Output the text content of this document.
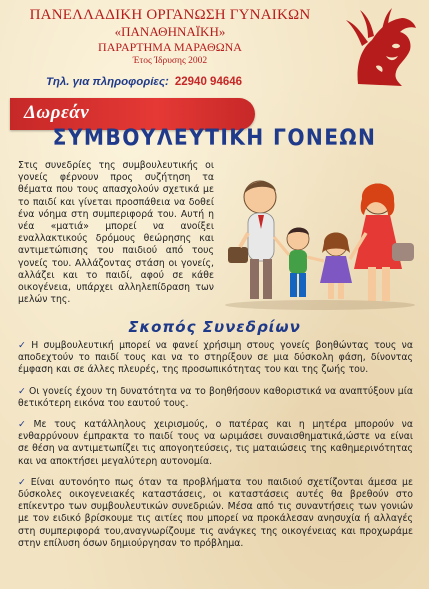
ΠΑΝΕΛΛΑΔΙΚΗ ΟΡΓΑΝΩΣΗ ΓΥΝΑΙΚΩΝ
«ΠΑΝΑΘΗΝΑΪΚΗ»
ΠΑΡΑΡΤΗΜΑ ΜΑΡΑΘΩΝΑ
Έτος Ίδρυσης 2002
Τηλ. για πληροφορίες: 22940 94646
Δωρεάν
ΣΥΜΒΟΥΛΕΥΤΙΚΗ ΓΟΝΕΩΝ
Στις συνεδρίες της συμβουλευτικής οι γονείς φέρνουν προς συζήτηση τα θέματα που τους απασχολούν σχετικά με το παιδί και γίνεται προσπάθεια να δοθεί ένα νόημα στη συμπεριφορά του. Αυτή η νέα «ματιά» μπορεί να ανοίξει εναλλακτικούς δρόμους θεώρησης και αντιμετώπισης του παιδιού από τους γονείς του. Αλλάζοντας στάση οι γονείς, αλλάζει και το παιδί, αφού σε κάθε οικογένεια, υπάρχει αλληλεπίδραση των μελών της.
Σκοπός Συνεδρίων
✓ Η συμβουλευτική μπορεί να φανεί χρήσιμη στους γονείς βοηθώντας τους να αποδεχτούν το παιδί τους και να το στηρίξουν σε μια δύσκολη φάση, δίνοντας έμφαση και σε άλλες πλευρές, της προσωπικότητας του και της ζωής του.
✓ Οι γονείς έχουν τη δυνατότητα να το βοηθήσουν καθοριστικά να αναπτύξουν μία θετικότερη εικόνα του εαυτού τους.
✓ Με τους κατάλληλους χειρισμούς, ο πατέρας και η μητέρα μπορούν να ενθαρρύνουν έμπρακτα το παιδί τους να ωριμάσει συναισθηματικά,ώστε να είναι σε θέση να αντιμετωπίζει τις απογοητεύσεις, τις ματαιώσεις της καθημερινότητας και να αποκτήσει μεγαλύτερη αυτονομία.
✓ Είναι αυτονόητο πως όταν τα προβλήματα του παιδιού σχετίζονται άμεσα με δύσκολες οικογενειακές καταστάσεις, οι καταστάσεις αυτές θα βρεθούν στο επίκεντρο των συμβουλευτικών συνεδριών. Μέσα από τις συναντήσεις των γονιών με τον ειδικό βρίσκουμε τις αιτίες που μπορεί να προκάλεσαν ανησυχία ή αλλαγές στη συμπεριφορά του,αναγνωρίζουμε τις ανάγκες της οικογένειας και προχωράμε στην επίλυση όσων δημιούργησαν το πρόβλημα.
